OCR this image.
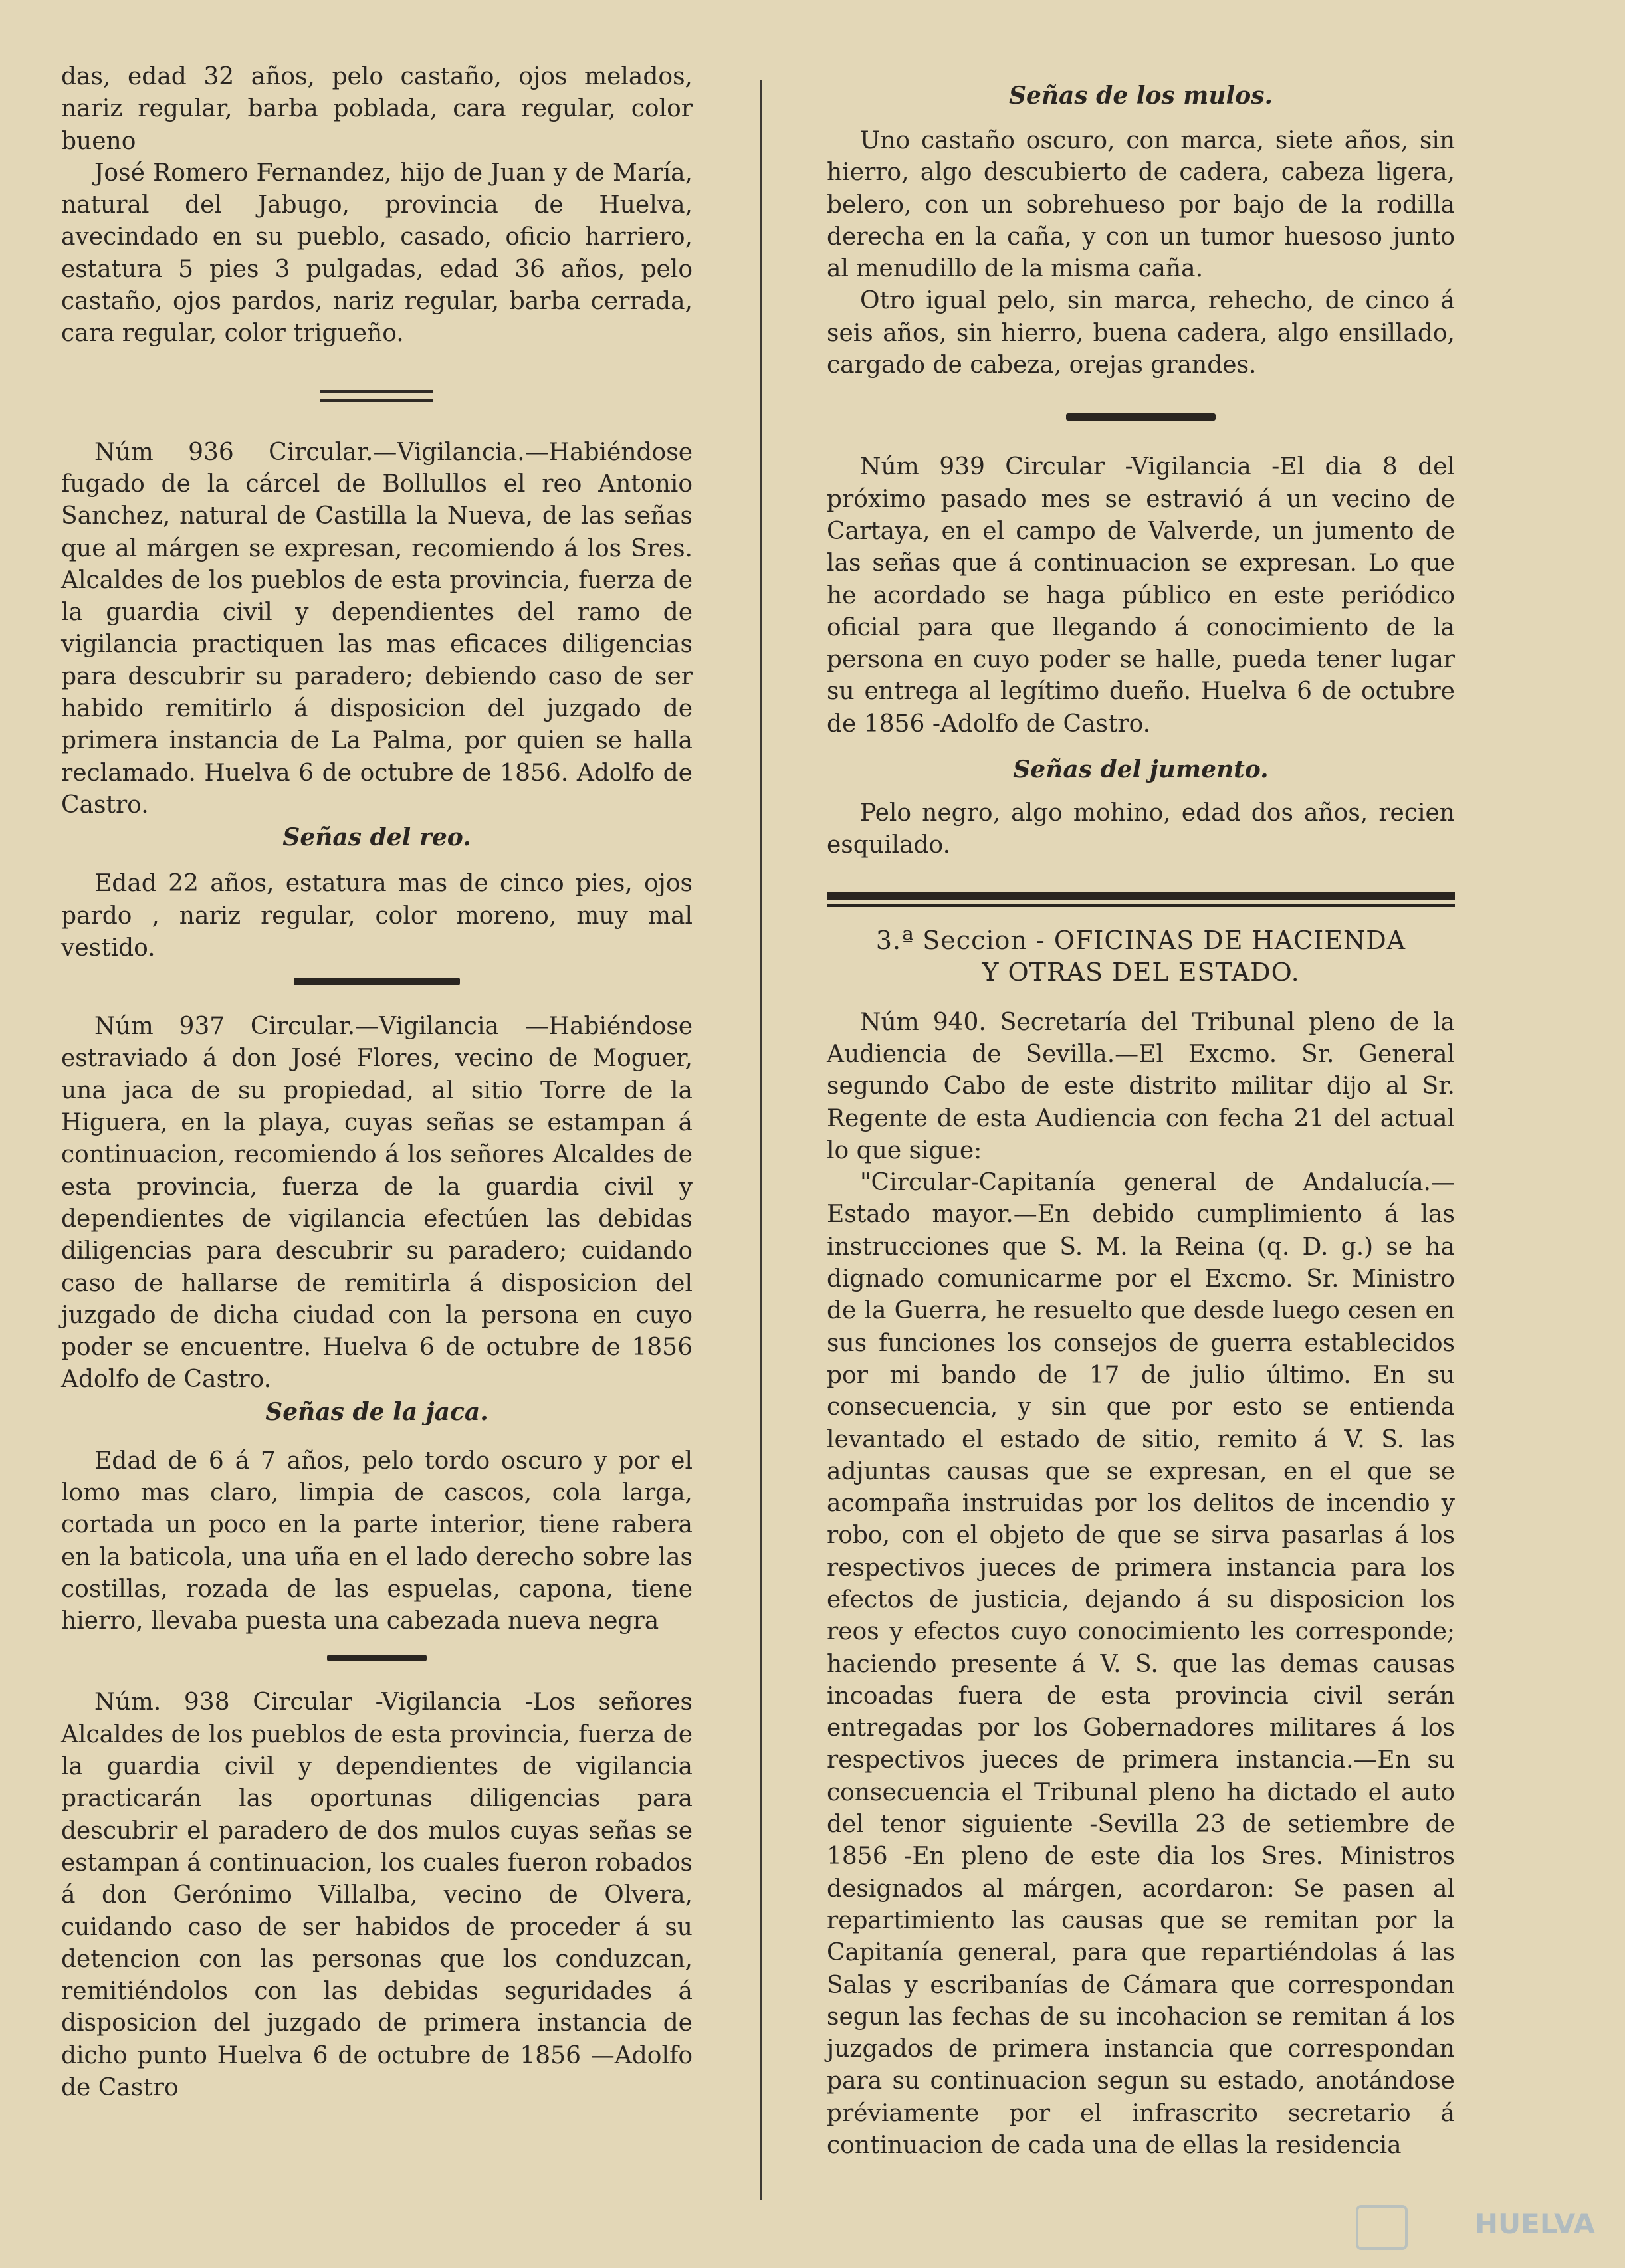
das, edad 32 años, pelo castaño, ojos melados, nariz regular, barba poblada, cara regular, color bueno

José Romero Fernandez, hijo de Juan y de María, natural del Jabugo, provincia de Huelva, avecindado en su pueblo, casado, oficio harriero, estatura 5 pies 3 pulgadas, edad 36 años, pelo castaño, ojos pardos, nariz regular, barba cerrada, cara regular, color trigueño.

Núm 936 Circular.—Vigilancia.—Habiéndose fugado de la cárcel de Bollullos el reo Antonio Sanchez, natural de Castilla la Nueva, de las señas que al márgen se expresan, recomiendo á los Sres. Alcaldes de los pueblos de esta provincia, fuerza de la guardia civil y dependientes del ramo de vigilancia practiquen las mas eficaces diligencias para descubrir su paradero; debiendo caso de ser habido remitirlo á disposicion del juzgado de primera instancia de La Palma, por quien se halla reclamado. Huelva 6 de octubre de 1856. Adolfo de Castro.

Señas del reo.

Edad 22 años, estatura mas de cinco pies, ojos pardo , nariz regular, color moreno, muy mal vestido.

Núm 937 Circular.—Vigilancia —Habiéndose estraviado á don José Flores, vecino de Moguer, una jaca de su propiedad, al sitio Torre de la Higuera, en la playa, cuyas señas se estampan á continuacion, recomiendo á los señores Alcaldes de esta provincia, fuerza de la guardia civil y dependientes de vigilancia efectúen las debidas diligencias para descubrir su paradero; cuidando caso de hallarse de remitirla á disposicion del juzgado de dicha ciudad con la persona en cuyo poder se encuentre. Huelva 6 de octubre de 1856 Adolfo de Castro.

Señas de la jaca.

Edad de 6 á 7 años, pelo tordo oscuro y por el lomo mas claro, limpia de cascos, cola larga, cortada un poco en la parte interior, tiene rabera en la baticola, una uña en el lado derecho sobre las costillas, rozada de las espuelas, capona, tiene hierro, llevaba puesta una cabezada nueva negra

Núm. 938 Circular -Vigilancia -Los señores Alcaldes de los pueblos de esta provincia, fuerza de la guardia civil y dependientes de vigilancia practicarán las oportunas diligencias para descubrir el paradero de dos mulos cuyas señas se estampan á continuacion, los cuales fueron robados á don Gerónimo Villalba, vecino de Olvera, cuidando caso de ser habidos de proceder á su detencion con las personas que los conduzcan, remitiéndolos con las debidas seguridades á disposicion del juzgado de primera instancia de dicho punto Huelva 6 de octubre de 1856 —Adolfo de Castro

Señas de los mulos.

Uno castaño oscuro, con marca, siete años, sin hierro, algo descubierto de cadera, cabeza ligera, belero, con un sobrehueso por bajo de la rodilla derecha en la caña, y con un tumor huesoso junto al menudillo de la misma caña.

Otro igual pelo, sin marca, rehecho, de cinco á seis años, sin hierro, buena cadera, algo ensillado, cargado de cabeza, orejas grandes.

Núm 939 Circular -Vigilancia -El dia 8 del próximo pasado mes se estravió á un vecino de Cartaya, en el campo de Valverde, un jumento de las señas que á continuacion se expresan. Lo que he acordado se haga público en este periódico oficial para que llegando á conocimiento de la persona en cuyo poder se halle, pueda tener lugar su entrega al legítimo dueño. Huelva 6 de octubre de 1856 -Adolfo de Castro.

Señas del jumento.

Pelo negro, algo mohino, edad dos años, recien esquilado.

3.ª Seccion - OFICINAS DE HACIENDA

Y OTRAS DEL ESTADO.

Núm 940. Secretaría del Tribunal pleno de la Audiencia de Sevilla.—El Excmo. Sr. General segundo Cabo de este distrito militar dijo al Sr. Regente de esta Audiencia con fecha 21 del actual lo que sigue:

"Circular-Capitanía general de Andalucía.— Estado mayor.—En debido cumplimiento á las instrucciones que S. M. la Reina (q. D. g.) se ha dignado comunicarme por el Excmo. Sr. Ministro de la Guerra, he resuelto que desde luego cesen en sus funciones los consejos de guerra establecidos por mi bando de 17 de julio último. En su consecuencia, y sin que por esto se entienda levantado el estado de sitio, remito á V. S. las adjuntas causas que se expresan, en el que se acompaña instruidas por los delitos de incendio y robo, con el objeto de que se sirva pasarlas á los respectivos jueces de primera instancia para los efectos de justicia, dejando á su disposicion los reos y efectos cuyo conocimiento les corresponde; haciendo presente á V. S. que las demas causas incoadas fuera de esta provincia civil serán entregadas por los Gobernadores militares á los respectivos jueces de primera instancia.—En su consecuencia el Tribunal pleno ha dictado el auto del tenor siguiente -Sevilla 23 de setiembre de 1856 -En pleno de este dia los Sres. Ministros designados al márgen, acordaron: Se pasen al repartimiento las causas que se remitan por la Capitanía general, para que repartiéndolas á las Salas y escribanías de Cámara que correspondan segun las fechas de su incohacion se remitan á los juzgados de primera instancia que correspondan para su continuacion segun su estado, anotándose préviamente por el infrascrito secretario á continuacion de cada una de ellas la residencia

HUELVA
